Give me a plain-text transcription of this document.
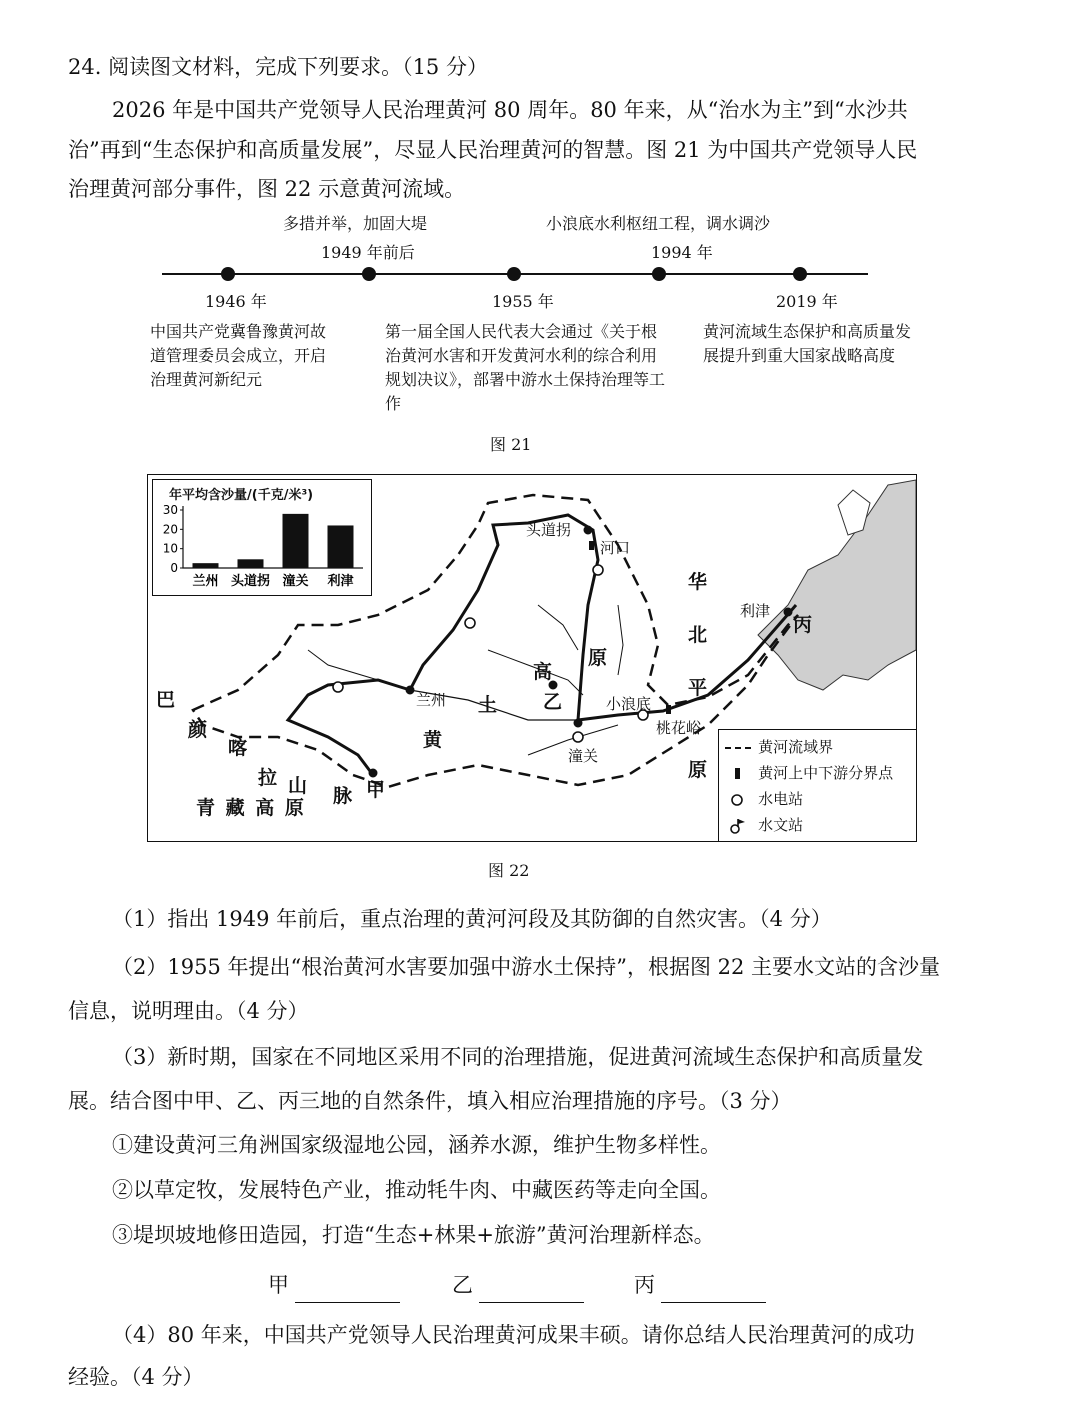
24. 阅读图文材料，完成下列要求。（15 分）
2026 年是中国共产党领导人民治理黄河 80 周年。80 年来，从“治水为主”到“水沙共
治”再到“生态保护和高质量发展”，尽显人民治理黄河的智慧。图 21 为中国共产党领导人民
治理黄河部分事件，图 22 示意黄河流域。
多措并举，加固大堤
1949 年前后
小浪底水利枢纽工程，调水调沙
1994 年
1946 年	1955 年	2019 年
中国共产党冀鲁豫黄河故道管理委员会成立，开启治理黄河新纪元
第一届全国人民代表大会通过《关于根治黄河水害和开发黄河水利的综合利用规划决议》，部署中游水土保持治理等工作
黄河流域生态保护和高质量发展提升到重大国家战略高度
图 21
年平均含沙量/(千克/米³)
0
10
20
30
兰州 头道拐 潼关 利津
头道拐
河口
兰州	小浪底
潼关
桃花峪
利津
甲
乙
丙
黄
土
高
原
华
北
平
原
巴
颜
喀
拉 山 脉
青 藏 高 原
黄河流域界
黄河上中下游分界点
水电站
水文站
图 22
（1）指出 1949 年前后，重点治理的黄河河段及其防御的自然灾害。（4 分）
（2）1955 年提出“根治黄河水害要加强中游水土保持”，根据图 22 主要水文站的含沙量
信息，说明理由。（4 分）
（3）新时期，国家在不同地区采用不同的治理措施，促进黄河流域生态保护和高质量发
展。结合图中甲、乙、丙三地的自然条件，填入相应治理措施的序号。（3 分）
①建设黄河三角洲国家级湿地公园，涵养水源，维护生物多样性。
②以草定牧，发展特色产业，推动牦牛肉、中藏医药等走向全国。
③堤坝坡地修田造园，打造“生态+林果+旅游”黄河治理新样态。
甲	乙	丙
（4）80 年来，中国共产党领导人民治理黄河成果丰硕。请你总结人民治理黄河的成功
经验。（4 分）
